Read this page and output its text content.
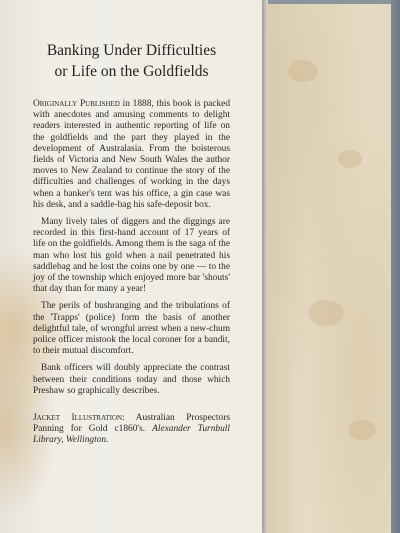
Banking Under Difficulties
or Life on the Goldfields

Originally Published in 1888, this book is packed with anecdotes and amusing comments to delight readers interested in authentic reporting of life on the goldfields and the part they played in the development of Australasia. From the boisterous fields of Victoria and New South Wales the author moves to New Zealand to continue the story of the difficulties and challenges of working in the days when a banker's tent was his office, a gin case was his desk, and a saddle-bag his safe-deposit box.

Many lively tales of diggers and the diggings are recorded in this first-hand account of 17 years of life on the goldfields. Among them is the saga of the man who lost his gold when a nail penetrated his saddlebag and he lost the coins one by one — to the joy of the township which enjoyed more bar 'shouts' that day than for many a year!

The perils of bushranging and the tribulations of the 'Trapps' (police) form the basis of another delightful tale, of wrongful arrest when a new-chum police officer mistook the local coroner for a bandit, to their mutual discomfort.

Bank officers will doubly appreciate the contrast between their conditions today and those which Preshaw so graphically describes.

Jacket Illustration: Australian Prospectors Panning for Gold c1860's. Alexander Turnbull Library, Wellington.
